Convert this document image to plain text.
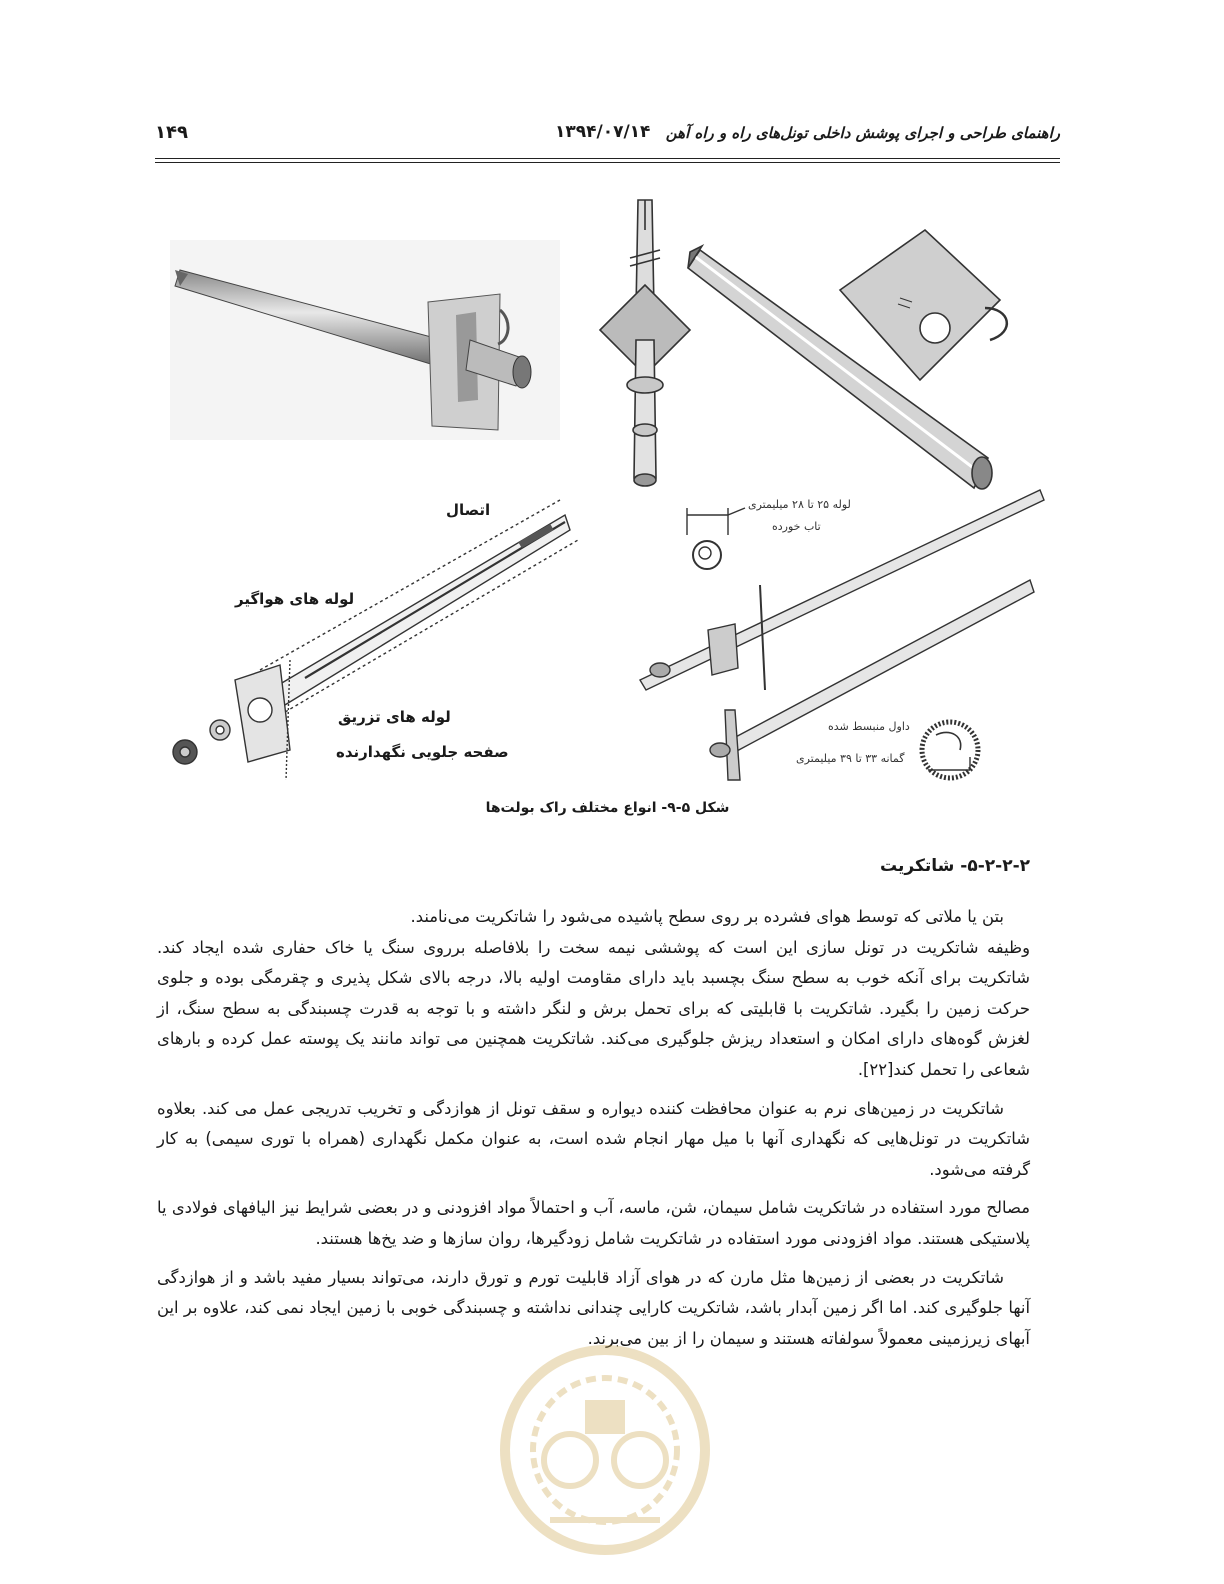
راهنمای طراحی و اجرای پوشش داخلی تونل‌های راه و راه آهن
۱۳۹۴/۰۷/۱۴
۱۴۹
اتصال
لوله های هواگیر
لوله های تزریق
صفحه جلویی نگهدارنده
لوله ۲۵ تا ۲۸ میلیمتری
تاب خورده
داول منبسط شده
گمانه ۳۳ تا ۳۹ میلیمتری
شکل ۵-۹- انواع مختلف راک بولت‌ها
۵-۲-۲-۲- شاتکریت

بتن یا ملاتی که توسط هوای فشرده بر روی سطح پاشیده می‌شود را شاتکریت می‌نامند.

وظیفه شاتکریت در تونل سازی این است که پوششی نیمه سخت را بلافاصله برروی سنگ یا خاک حفاری شده ایجاد کند. شاتکریت برای آنکه خوب به سطح سنگ بچسبد باید دارای مقاومت اولیه بالا، درجه بالای شکل پذیری و چقرمگی بوده و جلوی حرکت زمین را بگیرد. شاتکریت با قابلیتی که برای تحمل برش و لنگر داشته و با توجه به قدرت چسبندگی به سطح سنگ، از لغزش گوه‌های دارای امکان و استعداد ریزش جلوگیری می‌کند. شاتکریت همچنین می تواند مانند یک پوسته عمل کرده و بارهای شعاعی را تحمل کند[۲۲].

شاتکریت در زمین‌های نرم به عنوان محافظت کننده دیواره و سقف تونل از هوازدگی و تخریب تدریجی عمل می کند. بعلاوه شاتکریت در تونل‌هایی که نگهداری آنها با میل مهار انجام شده است، به عنوان مکمل نگهداری (همراه با توری سیمی) به کار گرفته می‌شود.

مصالح مورد استفاده در شاتکریت شامل سیمان، شن، ماسه، آب و احتمالاً مواد افزودنی و در بعضی شرایط نیز الیافهای فولادی یا پلاستیکی هستند. مواد افزودنی مورد استفاده در شاتکریت شامل زودگیرها، روان سازها و ضد یخ‌ها هستند.

شاتکریت در بعضی از زمین‌ها مثل مارن که در هوای آزاد قابلیت تورم و تورق دارند، می‌تواند بسیار مفید باشد و از هوازدگی آنها جلوگیری کند. اما اگر زمین آبدار باشد، شاتکریت کارایی چندانی نداشته و چسبندگی خوبی با زمین ایجاد نمی کند، علاوه بر این آبهای زیرزمینی معمولاً سولفاته هستند و سیمان را از بین می‌برند.
